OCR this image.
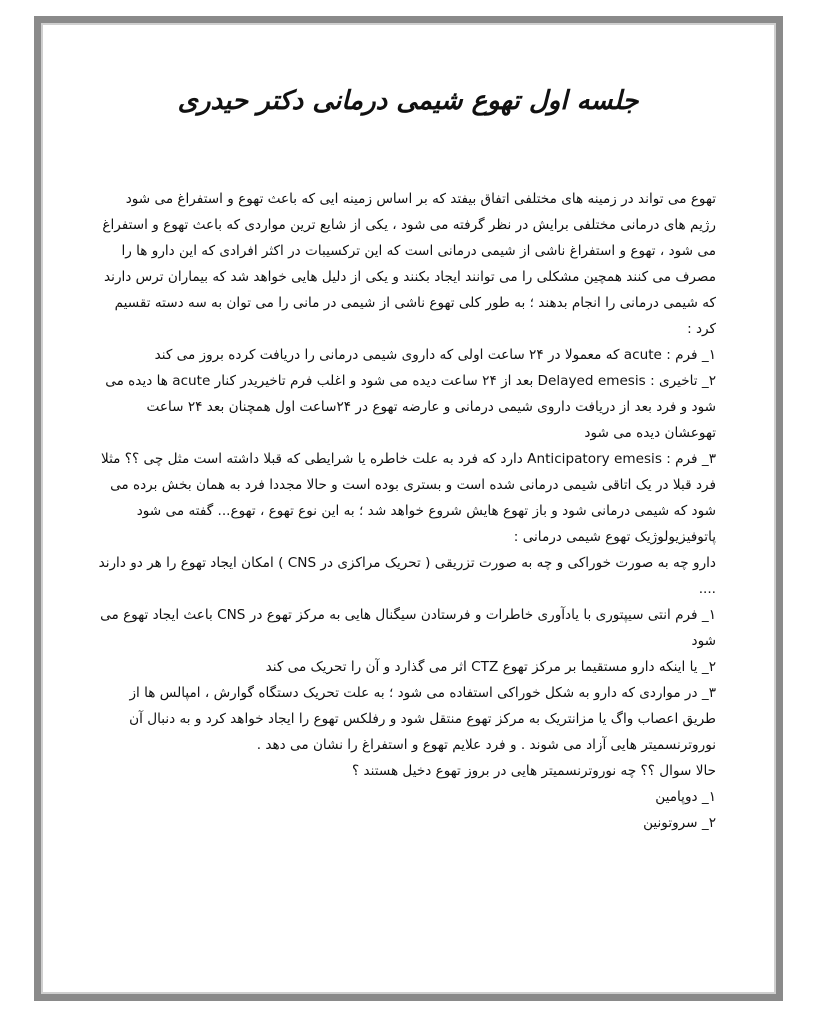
جلسه اول تهوع شیمی درمانی دکتر حیدری

تهوع می تواند در زمینه های مختلفی اتفاق بیفتد که بر اساس زمینه ایی که باعث تهوع و استفراغ می شود رژیم های درمانی مختلفی برایش در نظر گرفته می شود ، یکی از شایع ترین مواردی که باعث تهوع و استفراغ می شود ، تهوع و استفراغ ناشی از شیمی درمانی است که این ترکسیبات در اکثر افرادی که این دارو ها را مصرف می کنند همچین مشکلی را می توانند ایجاد بکنند و یکی از دلیل هایی خواهد شد که بیماران ترس دارند که شیمی درمانی را انجام بدهند ؛ به طور کلی تهوع ناشی از شیمی در مانی را می توان به سه دسته تقسیم کرد :

١_ فرم : acute که معمولا در ٢۴ ساعت اولی که داروی شیمی درمانی را دریافت کرده بروز می کند

٢_ تاخیری : Delayed emesis بعد از ٢۴ ساعت دیده می شود و اغلب فرم تاخیریدر کنار acute ها دیده می شود و فرد بعد از دریافت داروی شیمی درمانی و عارضه تهوع در ٢۴ساعت اول همچنان بعد ٢۴ ساعت تهوعشان دیده می شود

٣_ فرم : Anticipatory emesis دارد که فرد به علت خاطره یا شرایطی که قبلا داشته است مثل چی ؟؟ مثلا فرد قبلا در یک اتاقی شیمی درمانی شده است و بستری بوده است و حالا مجددا فرد به همان بخش برده می شود که شیمی درمانی شود و باز تهوع هایش شروع خواهد شد ؛ به این نوع تهوع ، تهوع... گفته می شود

پاتوفیزیولوژیک تهوع شیمی درمانی :

دارو چه به صورت خوراکی و چه به صورت تزریقی ( تحریک مراکزی در CNS ) امکان ایجاد تهوع را هر دو دارند ....

١_ فرم انتی سیپتوری با یادآوری خاطرات و فرستادن سیگنال هایی به مرکز تهوع در CNS باعث ایجاد تهوع می شود

٢_ یا اینکه دارو مستقیما بر مرکز تهوع CTZ اثر می گذارد و آن را تحریک می کند

٣_ در مواردی که دارو به شکل خوراکی استفاده می شود ؛ به علت تحریک دستگاه گوارش ، امپالس ها از طریق اعصاب واگ یا مزانتریک به مرکز تهوع منتقل شود و رفلکس تهوع را ایجاد خواهد کرد و به دنبال آن نوروترنسمیتر هایی آزاد می شوند . و فرد علایم تهوع و استفراغ را نشان می دهد .

حالا سوال ؟؟ چه نوروترنسمیتر هایی در بروز تهوع دخیل هستند ؟

١_ دوپامین

٢_ سروتونین
